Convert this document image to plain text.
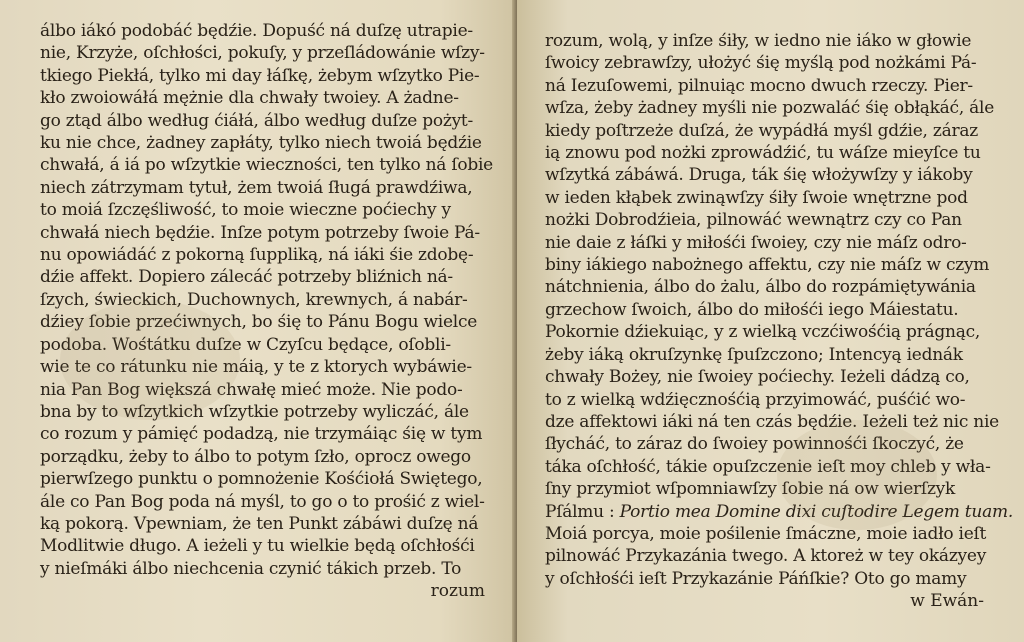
álbo iákó podobáć będźie. Dopuść ná duſzę utrapie-
nie, Krzyże, oſchłości, pokuſy, y przeſládowánie wſzy-
tkiego Piekłá, tylko mi day łáſkę, żebym wſzytko Pie-
kło zwoiowáłá mężnie dla chwały twoiey. A żadne-
go ztąd álbo według ćiáłá, álbo według duſze pożyt-
ku nie chce, żadney zapłáty, tylko niech twoiá będźie
chwałá, á iá po wſzytkie wieczności, ten tylko ná ſobie
niech zátrzymam tytuł, żem twoiá ſługá prawdźiwa,
to moiá ſzczęśliwość, to moie wieczne poćiechy y
chwałá niech będźie. Inſze potym potrzeby ſwoie Pá-
nu opowiádáć z pokorną ſuppliką, ná iáki śie zdobę-
dźie affekt. Dopiero zálecáć potrzeby bliźnich ná-
ſzych, świeckich, Duchownych, krewnych, á nabár-
dźiey ſobie przećiwnych, bo śię to Pánu Bogu wielce
podoba. Wośtátku duſze w Czyſcu będące, oſobli-
wie te co rátunku nie máią, y te z ktorych wybáwie-
nia Pan Bog większá chwałę mieć może. Nie podo-
bna by to wſzytkich wſzytkie potrzeby wyliczáć, ále
co rozum y pámięć podadzą, nie trzymáiąc śię w tym
porządku, żeby to álbo to potym ſzło, oprocz owego
pierwſzego punktu o pomnożenie Kośćiołá Swiętego,
ále co Pan Bog poda ná myśl, to go o to prośić z wiel-
ką pokorą. Vpewniam, że ten Punkt zábáwi duſzę ná
Modlitwie długo. A ieżeli y tu wielkie będą oſchłośći
y nieſmáki álbo niechcenia czynić tákich przeb. To
rozum
rozum, wolą, y inſze śiły, w iedno nie iáko w głowie
ſwoicy zebrawſzy, ułożyć śię myślą pod nożkámi Pá-
ná Iezuſowemi, pilnuiąc mocno dwuch rzeczy. Pier-
wſza, żeby żadney myśli nie pozwaláć śię obłąkáć, ále
kiedy poſtrzeże duſzá, że wypádłá myśl gdźie, záraz
ią znowu pod nożki zprowádźić, tu wáſze mieyſce tu
wſzytká zábáwá. Druga, ták śię włożywſzy y iákoby
w ieden kłąbek zwinąwſzy śiły ſwoie wnętrzne pod
nożki Dobrodźieia, pilnowáć wewnątrz czy co Pan
nie daie z łáſki y miłośći ſwoiey, czy nie máſz odro-
biny iákiego nabożnego affektu, czy nie máſz w czym
nátchnienia, álbo do żalu, álbo do rozpámiętywánia
grzechow ſwoich, álbo do miłośći iego Máiestatu.
Pokornie dźiekuiąc, y z wielką vczćiwośćią prágnąc,
żeby iáką okruſzynkę ſpuſzczono; Intencyą iednák
chwały Bożey, nie ſwoiey poćiechy. Ieżeli dádzą co,
to z wielką wdźięcznośćią przyimowáć, puśćić wo-
dze affektowi iáki ná ten czás będźie. Ieżeli też nic nie
ſłycháć, to záraz do ſwoiey powinnośći ſkoczyć, że
táka oſchłość, tákie opuſzczenie ieſt moy chleb y wła-
ſny przymiot wſpomniawſzy ſobie ná ow wierſzyk
Pſálmu : Portio mea Domine dixi cuſtodire Legem tuam.
Moiá porcya, moie pośilenie ſmáczne, moie iadło ieſt
pilnowáć Przykazánia twego. A ktoreż w tey okázyey
y oſchłośći ieſt Przykazánie Páńſkie? Oto go mamy
w Ewán-
